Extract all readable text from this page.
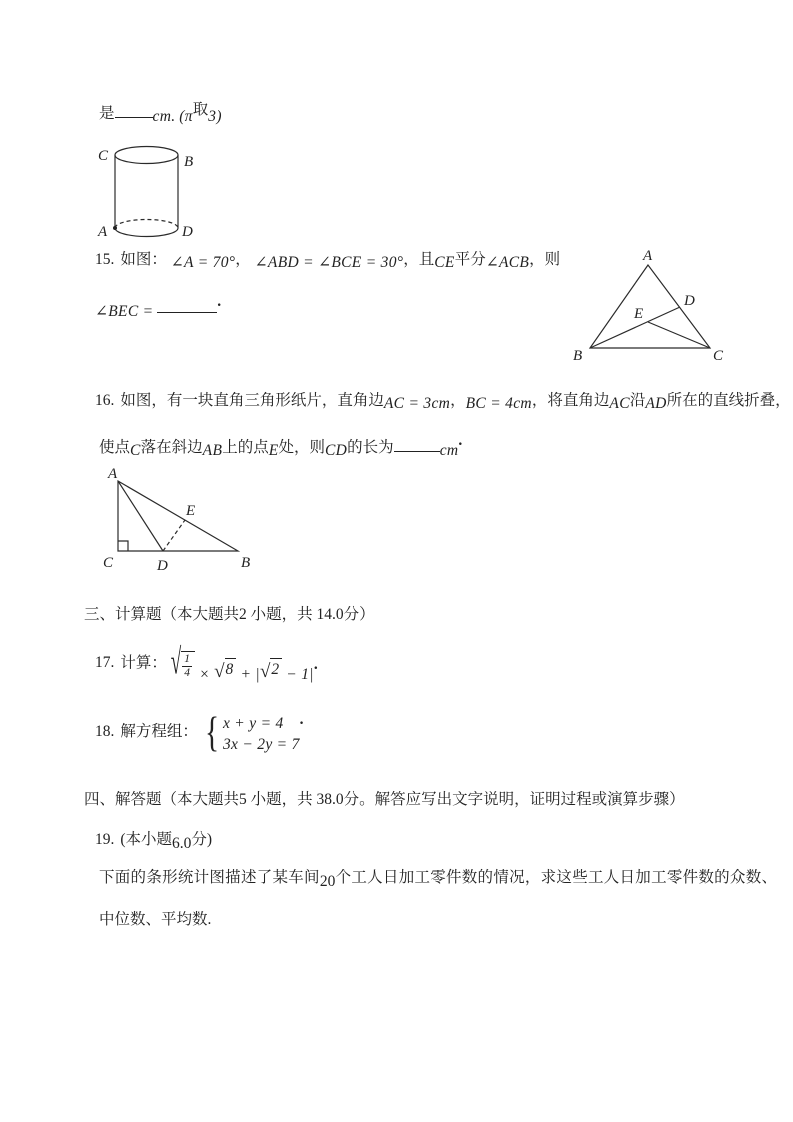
是 cm. (π取3)
C	B
A	D
15. 如图： ∠A = 70°， ∠ABD = ∠BCE = 30°，且CE平分∠ACB，则
∠BEC = .
A
B	C
D
E
16. 如图，有一块直角三角形纸片，直角边AC = 3cm，BC = 4cm，将直角边AC沿AD所在的直线折叠，
使点C落在斜边AB上的点E处，则CD的长为	cm.
A
C	B
D
E
三、计算题（本大题共2 小题，共 14.0分）
17. 计算： √ $\frac{1}{4}$ × √ 8 + | √ 2 − 1|.
18. 解方程组： { x + y = 4
3x − 2y = 7
.
四、解答题（本大题共5 小题，共 38.0分。解答应写出文字说明，证明过程或演算步骤）
19. (本小题6.0分)
下面的条形统计图描述了某车间20个工人日加工零件数的情况，求这些工人日加工零件数的众数、中位数、平均数.
